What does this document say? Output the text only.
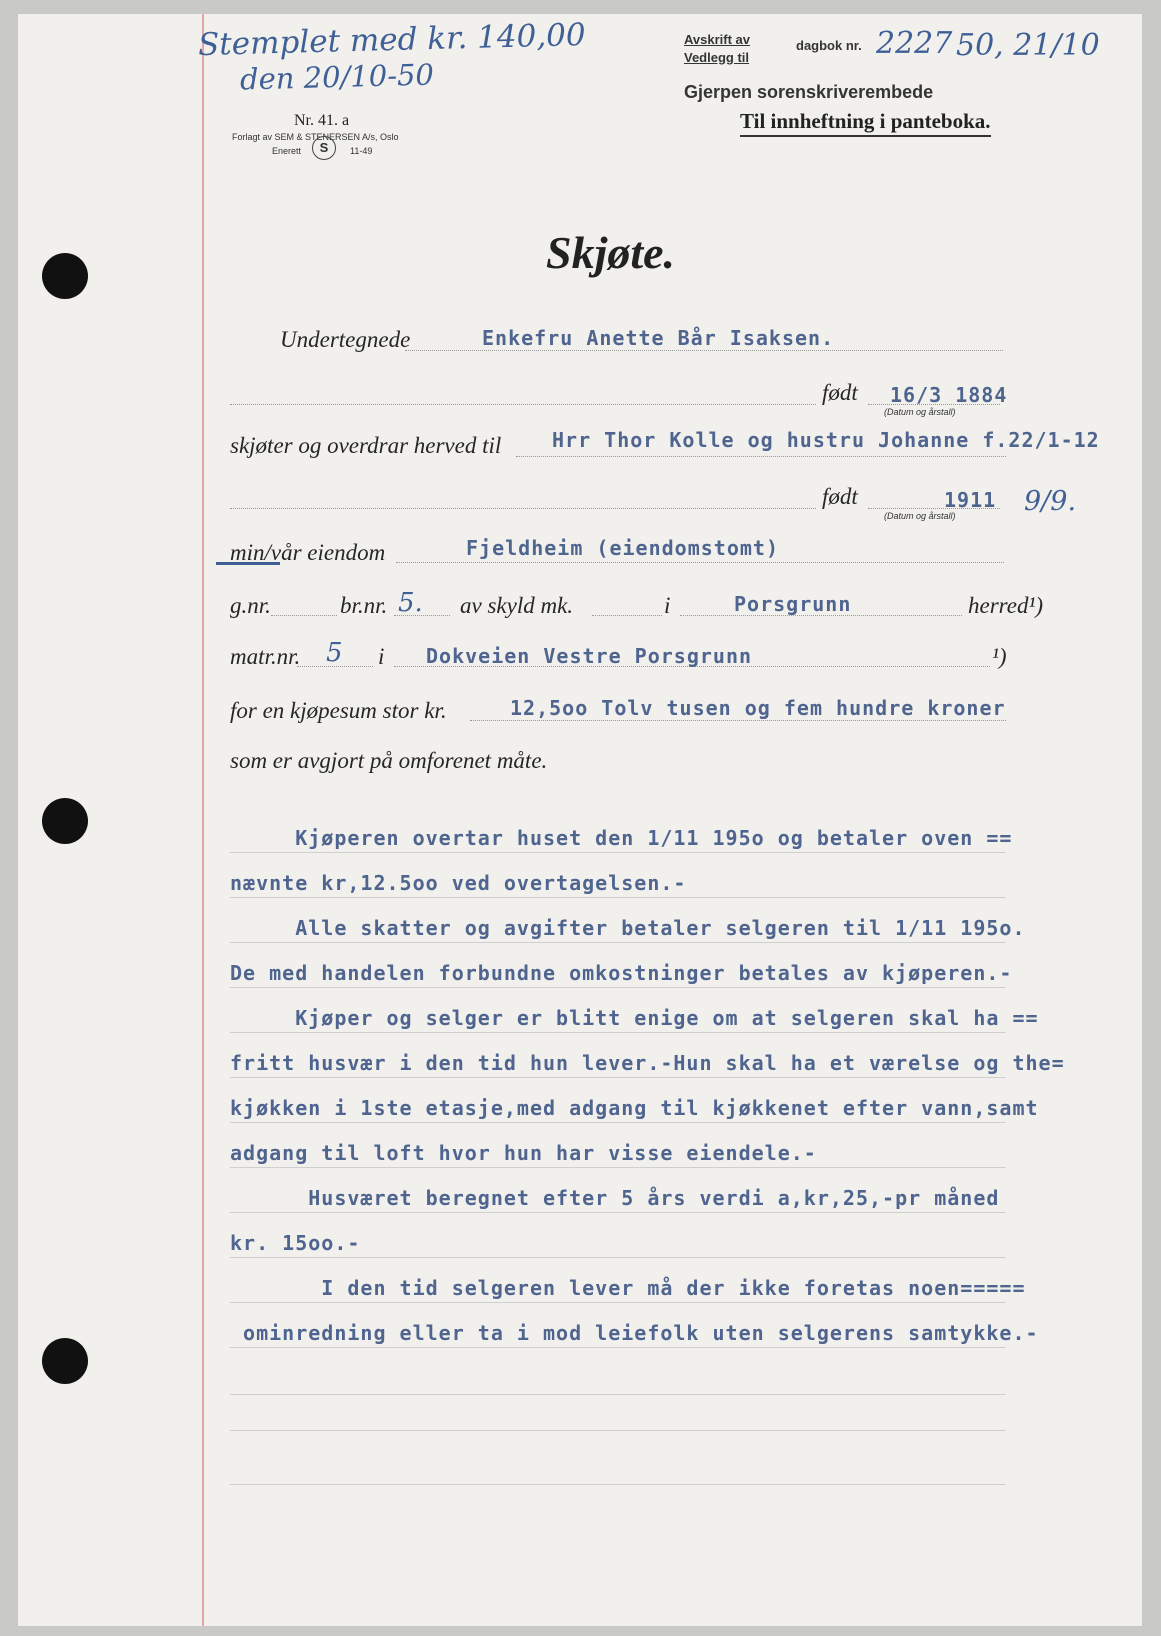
Stemplet med kr. 140,00
den 20/10-50
Avskrift av
Vedlegg til
dagbok nr. 2227 50, 21/10
Gjerpen sorenskriverembede
Til innheftning i panteboka.
Nr. 41. a
Forlagt av SEM & STENERSEN A/s, Oslo
Enerett	S	11-49
Skjøte.
Undertegnede	Enkefru Anette Bår Isaksen.
født 16/3 1884
(Datum og årstall)
skjøter og overdrar herved til	Hrr Thor Kolle og hustru Johanne f.22/1-12
født	1911 9/9.
(Datum og årstall)
min/vår eiendom	Fjeldheim (eiendomstomt)
g.nr.	br.nr. 5. av skyld mk.	i	Porsgrunn	herred¹)
matr.nr. 5 i Dokveien Vestre Porsgrunn	¹)
for en kjøpesum stor kr.	12,5oo Tolv tusen og fem hundre kroner
som er avgjort på omforenet måte.
Kjøperen overtar huset den 1/11 195o og betaler oven ==
nævnte kr,12.5oo ved overtagelsen.-
Alle skatter og avgifter betaler selgeren til 1/11 195o.
De med handelen forbundne omkostninger betales av kjøperen.-
Kjøper og selger er blitt enige om at selgeren skal ha ==
fritt husvær i den tid hun lever.-Hun skal ha et værelse og the=
kjøkken i 1ste etasje,med adgang til kjøkkenet efter vann,samt
adgang til loft hvor hun har visse eiendele.-
Husværet beregnet efter 5 års verdi a,kr,25,-pr måned
kr. 15oo.-
I den tid selgeren lever må der ikke foretas noen=====
ominredning eller ta i mod leiefolk uten selgerens samtykke.-
